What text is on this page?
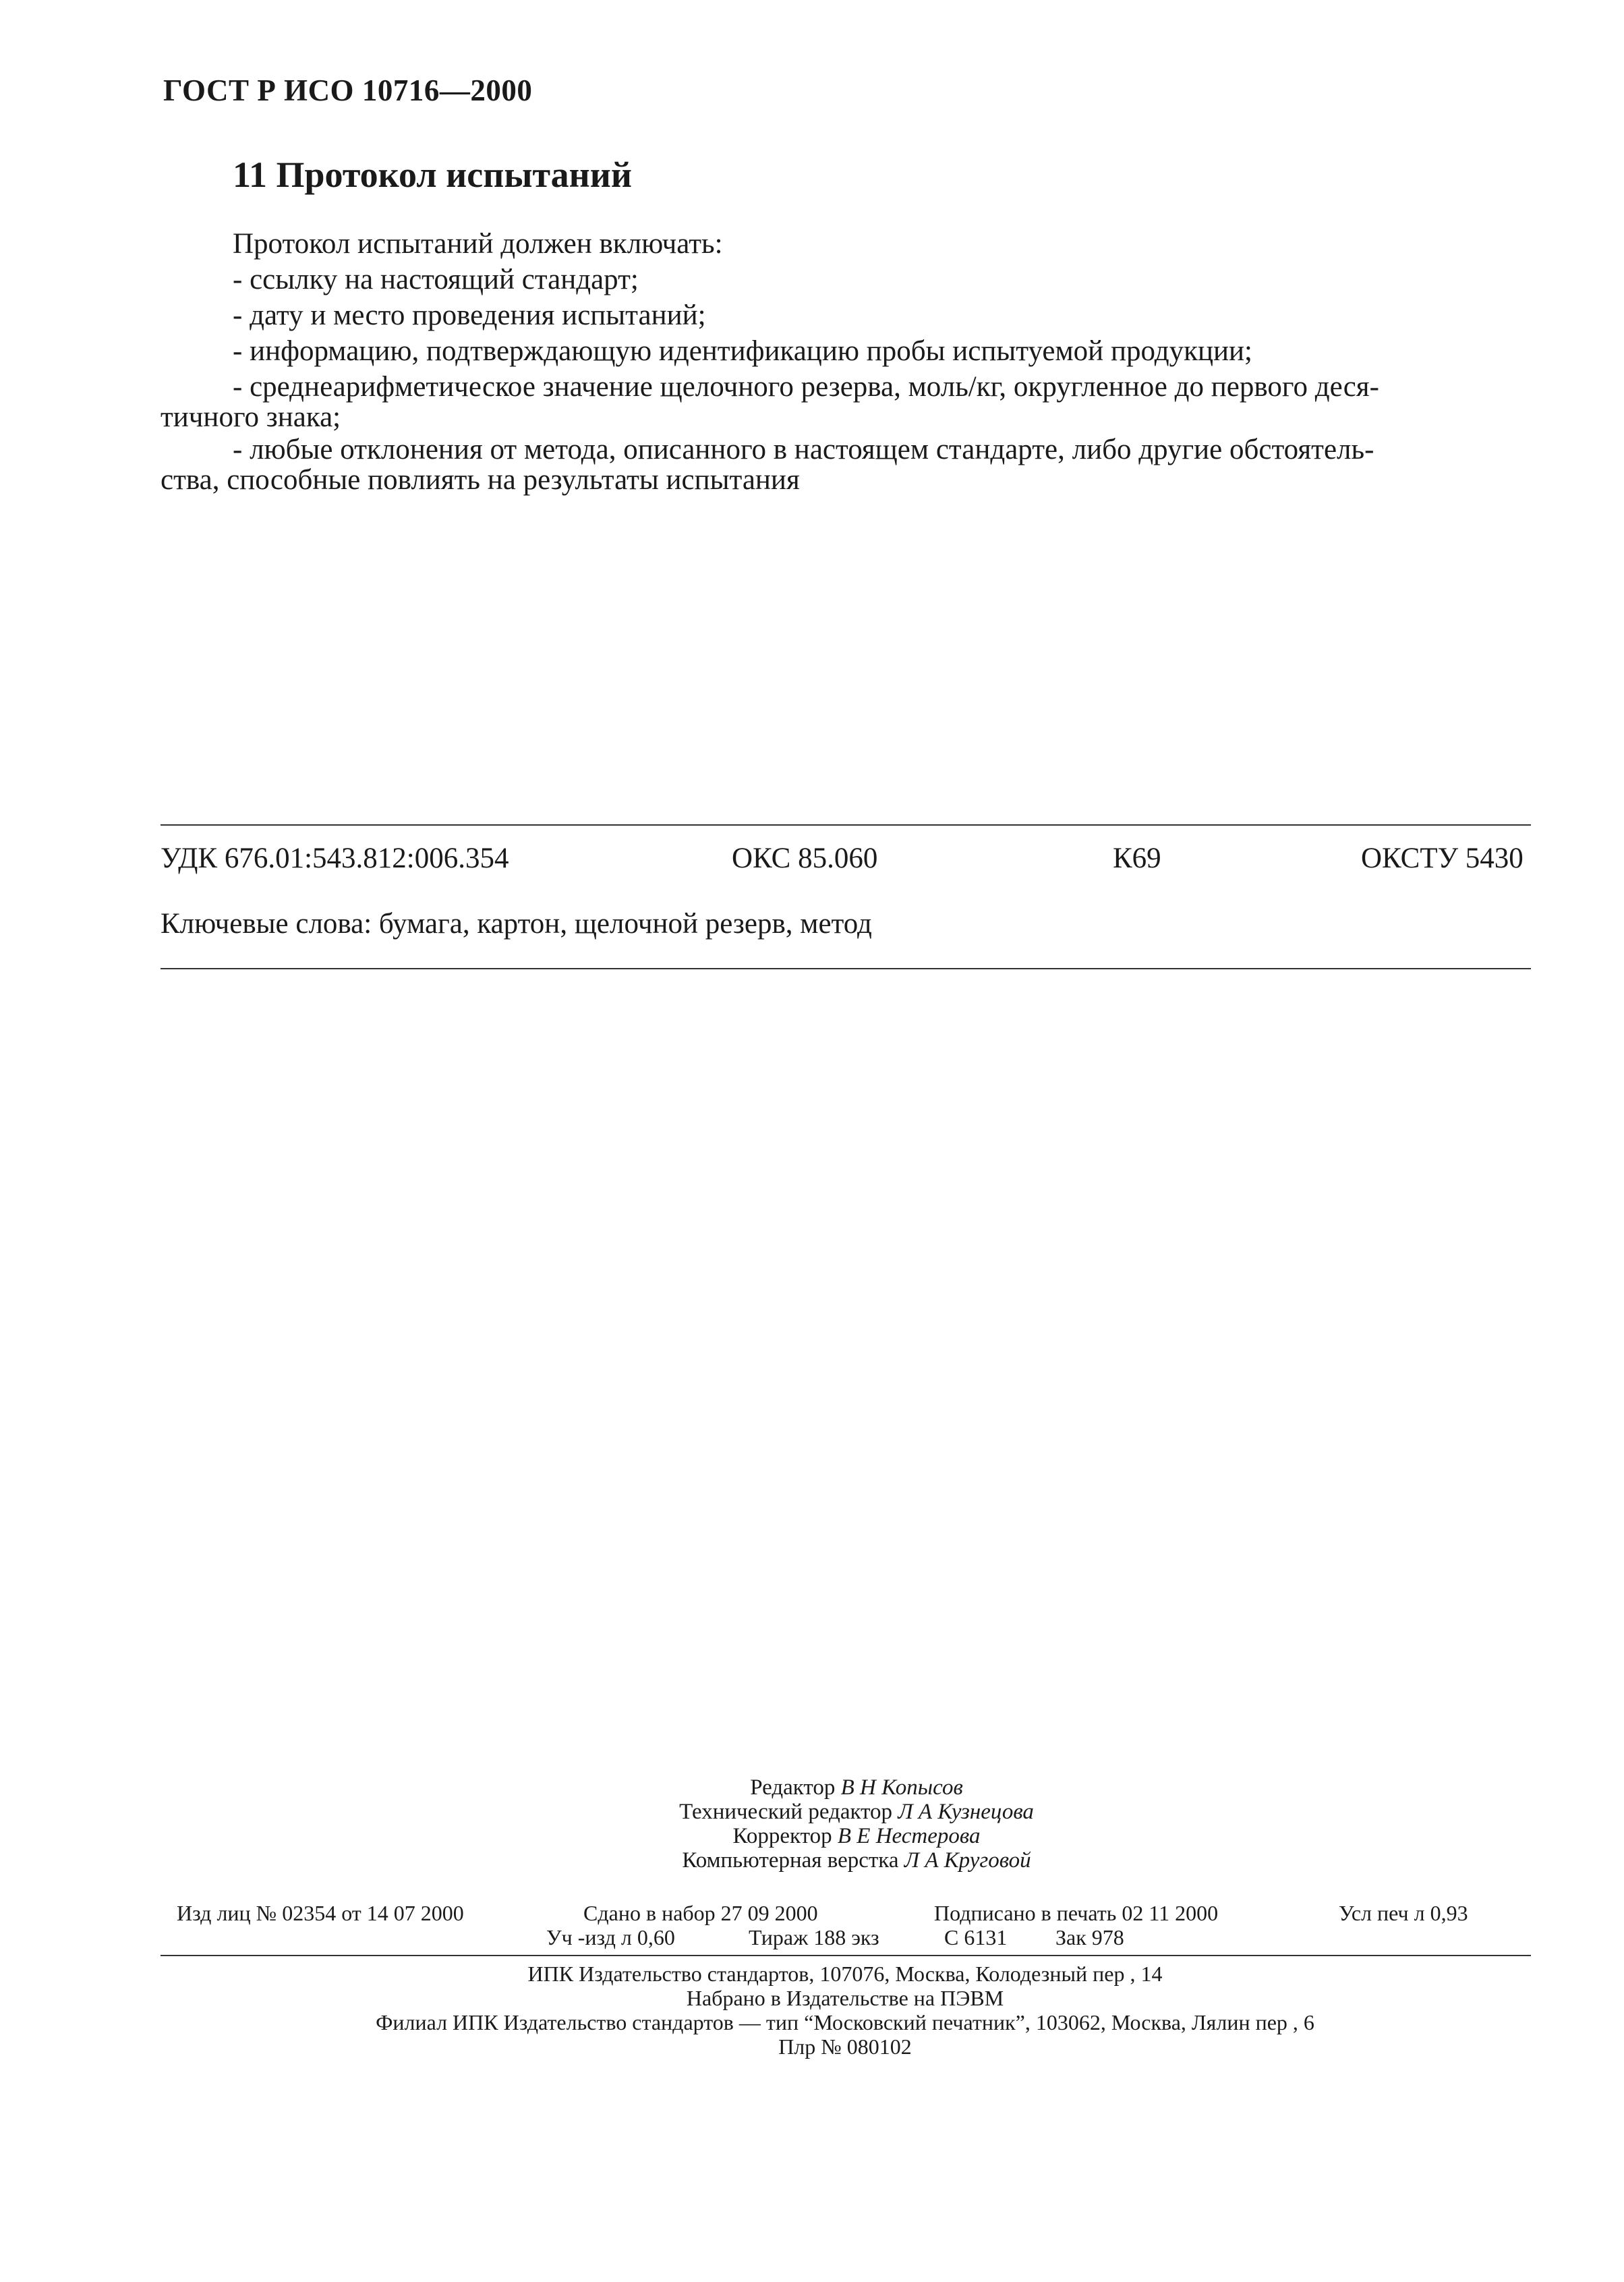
ГОСТ Р ИСО 10716—2000
11 Протокол испытаний
Протокол испытаний должен включать:
- ссылку на настоящий стандарт;
- дату и место проведения испытаний;
- информацию, подтверждающую идентификацию пробы испытуемой продукции;
- среднеарифметическое значение щелочного резерва, моль/кг, округленное до первого деся-
тичного знака;
- любые отклонения от метода, описанного в настоящем стандарте, либо другие обстоятель-
ства, способные повлиять на результаты испытания
УДК 676.01:543.812:006.354	ОКС 85.060	К69	ОКСТУ 5430
Ключевые слова: бумага, картон, щелочной резерв, метод
Редактор В Н Копысов
Технический редактор Л А Кузнецова
Корректор В Е Нестерова
Компьютерная верстка Л А Круговой
Изд лиц № 02354 от 14 07 2000	Сдано в набор 27 09 2000	Подписано в печать 02 11 2000	Усл печ л 0,93
Уч -изд л 0,60	Тираж 188 экз	С 6131 Зак 978
ИПК Издательство стандартов, 107076, Москва, Колодезный пер , 14
Набрано в Издательстве на ПЭВМ
Филиал ИПК Издательство стандартов — тип “Московский печатник”, 103062, Москва, Лялин пер , 6
Плр № 080102
